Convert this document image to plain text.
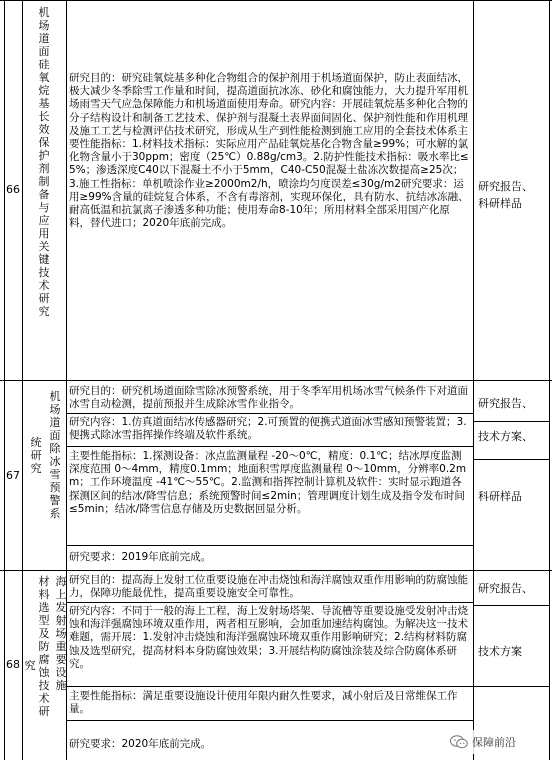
66
机场道面硅氧烷基长效保护剂制备与应用关键技术研究
研究目的：研究硅氧烷基多种化合物组合的保护剂用于机场道面保护，防止表面结冰，极大减少冬季除雪工作量和时间，提高道面抗冰冻、砂化和腐蚀能力，大力提升军用机场雨雪天气应急保障能力和机场道面使用寿命。研究内容：开展硅氧烷基多种化合物的分子结构设计和制备工艺技术、保护剂与混凝土表界面间固化、保护剂性能和作用机理及施工工艺与检测评估技术研究，形成从生产到性能检测到施工应用的全套技术体系主要性能指标：1.材料技术指标：实际应用产品硅氧烷基化合物含量≥99%；可水解的氯化物含量小于30ppm；密度（25℃）0.88g/cm3。2.防护性能技术指标：吸水率比≤5%；渗透深度C40以下混凝土不小于5mm，C40-C50混凝土盐冻次数提高≥25次；3.施工性指标：单机喷涂作业≥2000m2/h，喷涂均匀度误差≤30g/m2研究要求：运用≥99%含量的硅烷复合体系，不含有毒溶剂，实现环保化，具有防水、抗结冰冻融、耐高低温和抗氯离子渗透多种功能；使用寿命8-10年；所用材料全部采用国产化原料，替代进口；2020年底前完成。
研究报告、
科研样品
67
机场道面除冰雪预警系
统研究
研究目的：研究机场道面除雪除冰预警系统，用于冬季军用机场冰雪气候条件下对道面冰雪自动检测，提前预报并生成除冰雪作业指令。
研究内容：1.仿真道面结冰传感器研究；2.可预置的便携式道面冰雪感知预警装置；3.便携式除冰雪指挥操作终端及软件系统。
主要性能指标：1.探测设备：冰点监测量程 -20～0℃，精度：0.1℃；结冰厚度监测深度范围 0～4mm，精度0.1mm；地面积雪厚度监测量程 0～10mm，分辨率0.2mm；工作环境温度 -41℃～55℃。2.监测和指挥控制计算机及软件：实时显示跑道各探测区间的结冰/降雪信息；系统预警时间≤2min；管理调度计划生成及指令发布时间≤5min；结冰/降雪信息存储及历史数据回显分析。
研究要求：2019年底前完成。
研究报告、
技术方案、
科研样品
68
材料选型及防腐蚀技术研
海上发射场重要设施
究
研究目的：提高海上发射工位重要设施在冲击烧蚀和海洋腐蚀双重作用影响的防腐蚀能力，保障功能最优性，提高重要设施安全可靠性。
研究内容：不同于一般的海上工程，海上发射场塔架、导流槽等重要设施受发射冲击烧蚀和海洋强腐蚀环境双重作用，两者相互影响，会加重加速结构腐蚀。为解决这一技术难题，需开展：1.发射冲击烧蚀和海洋强腐蚀环境双重作用影响研究；2.结构材料防腐蚀及选型研究，提高材料本身防腐蚀效果；3.开展结构防腐蚀涂装及综合防腐体系研究。
主要性能指标：满足重要设施设计使用年限内耐久性要求，减小射后及日常维保工作量。
研究要求：2020年底前完成。
研究报告、
技术方案
保障前沿
